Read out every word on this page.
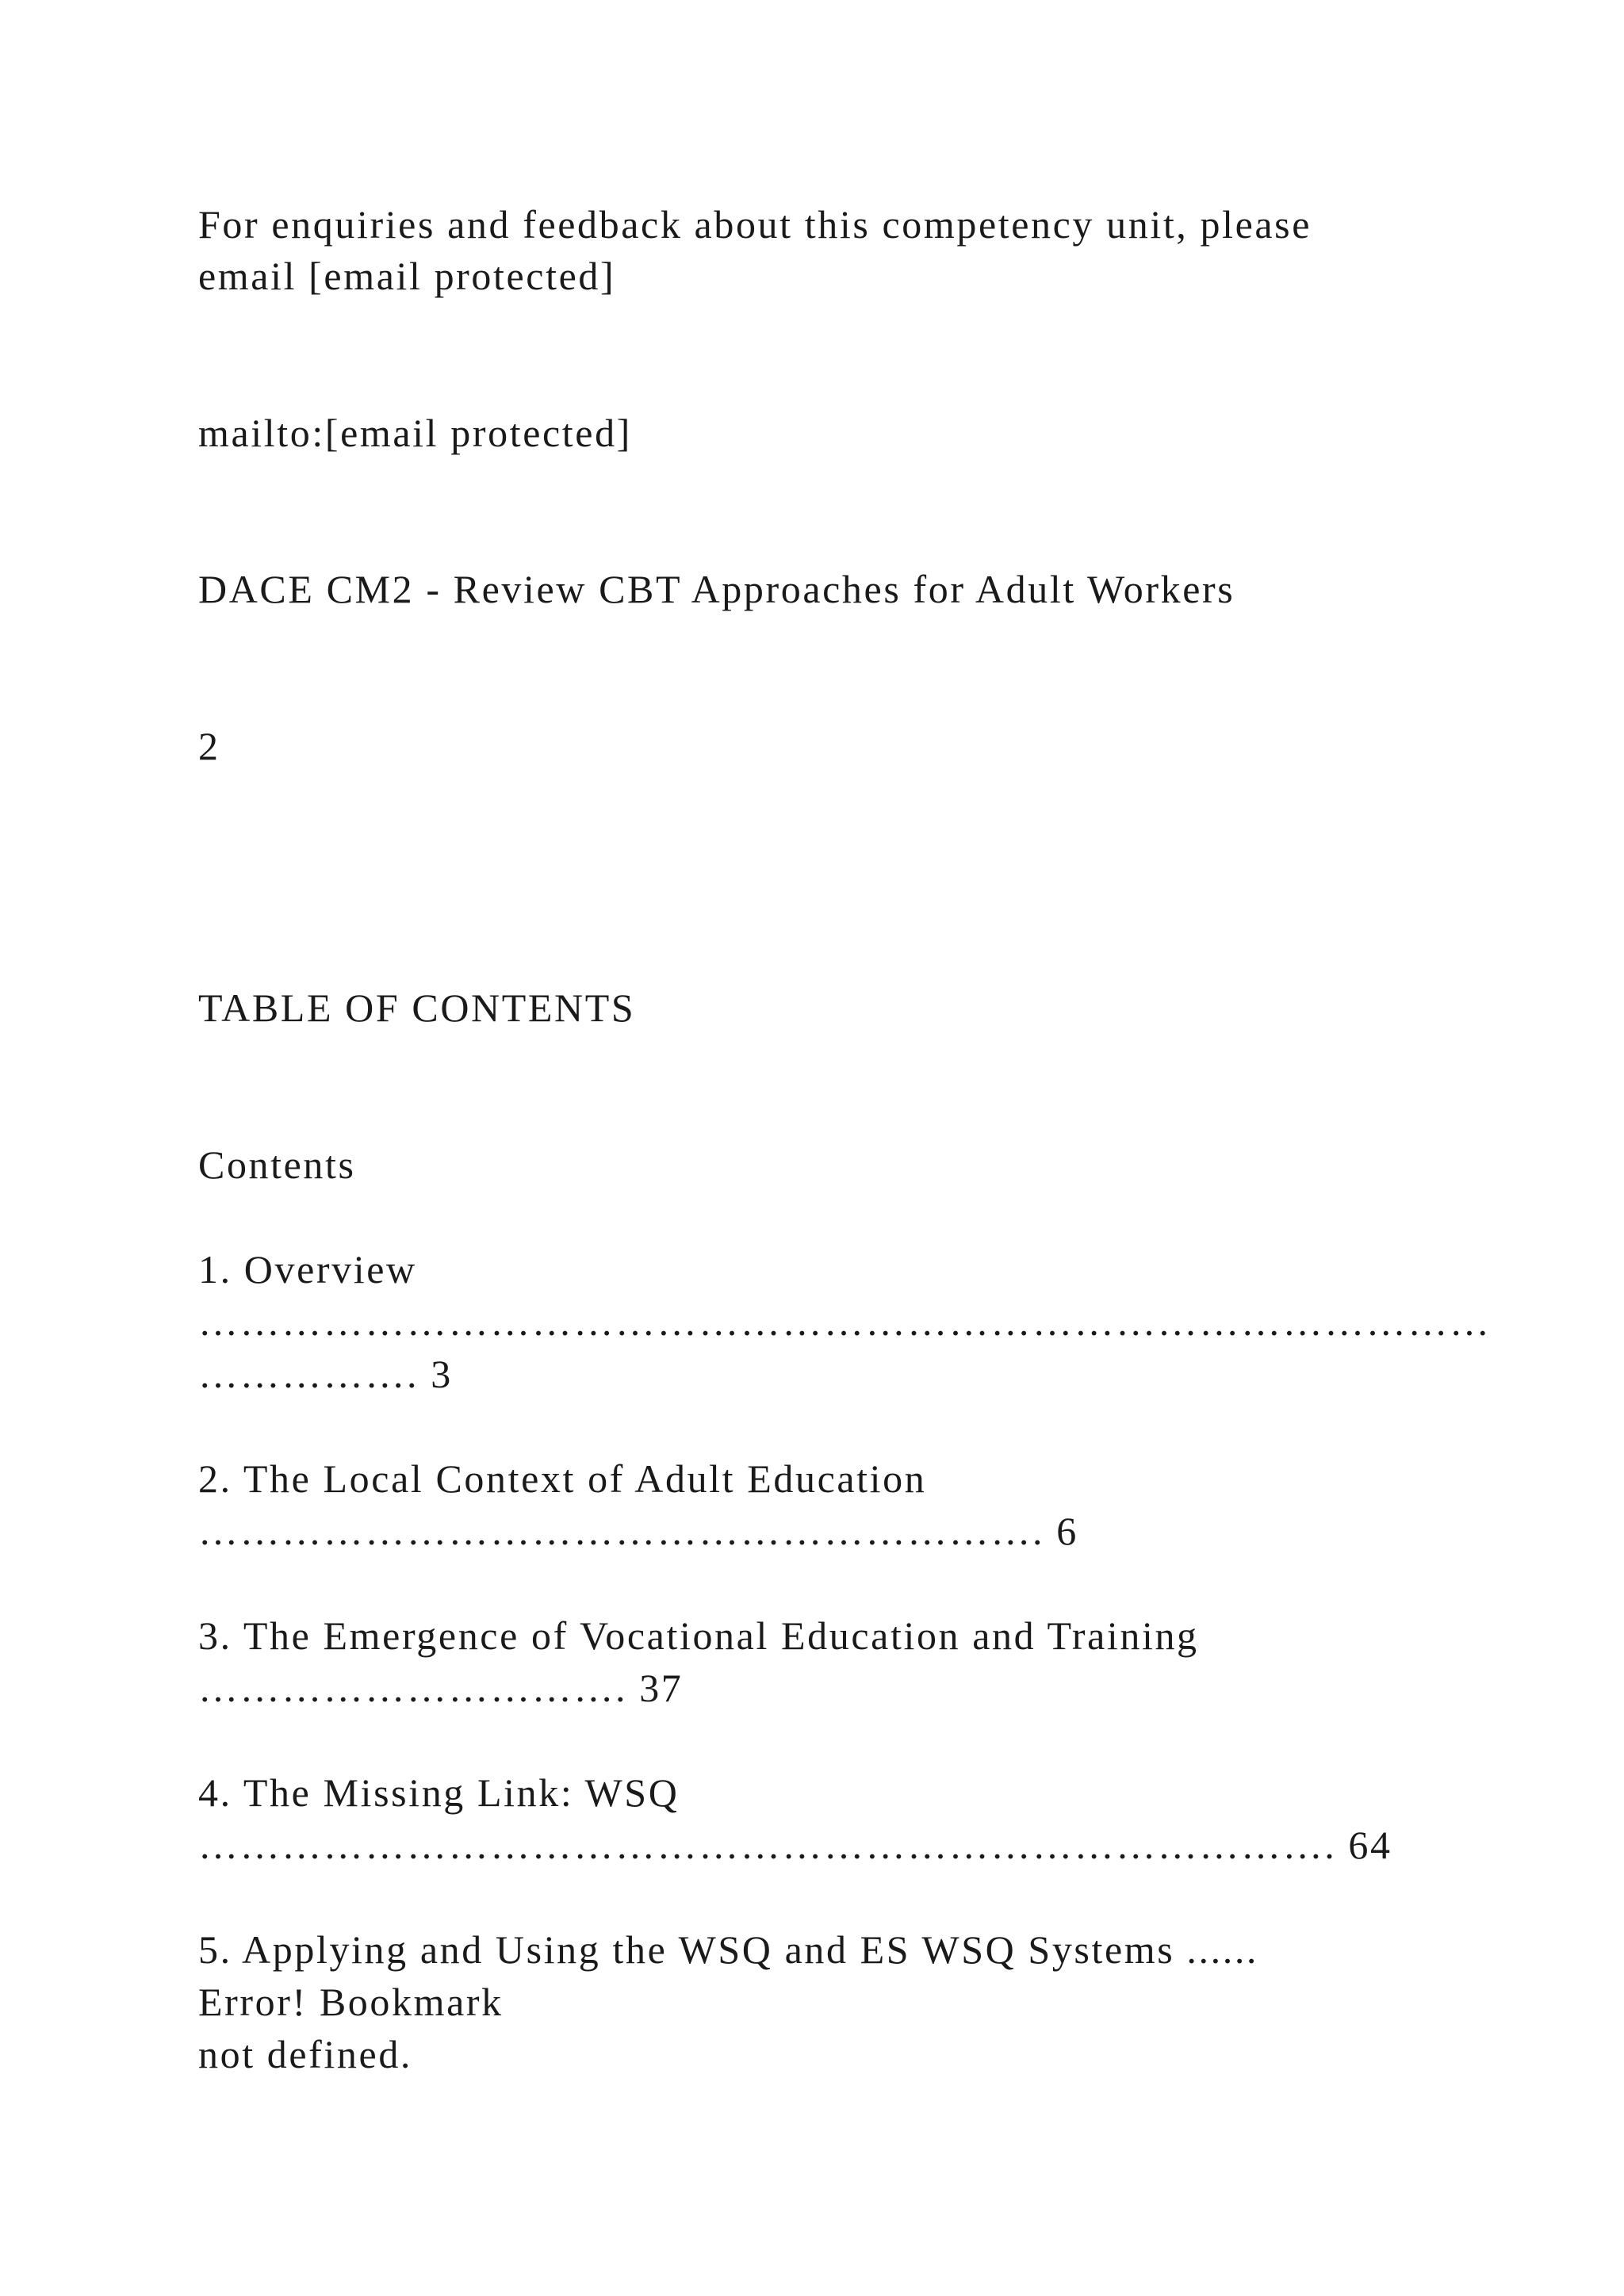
For enquiries and feedback about this competency unit, please

email [email protected]

mailto:[email protected]

DACE CM2 - Review CBT Approaches for Adult Workers

2

TABLE OF CONTENTS

Contents

1. Overview

…………………………………………………………………………………

……………. 3

2. The Local Context of Adult Education

……………………………………………………. 6

3. The Emergence of Vocational Education and Training

…………………………. 37

4. The Missing Link: WSQ

………………………………………………………………………. 64

5. Applying and Using the WSQ and ES WSQ Systems ......

Error! Bookmark

not defined.
